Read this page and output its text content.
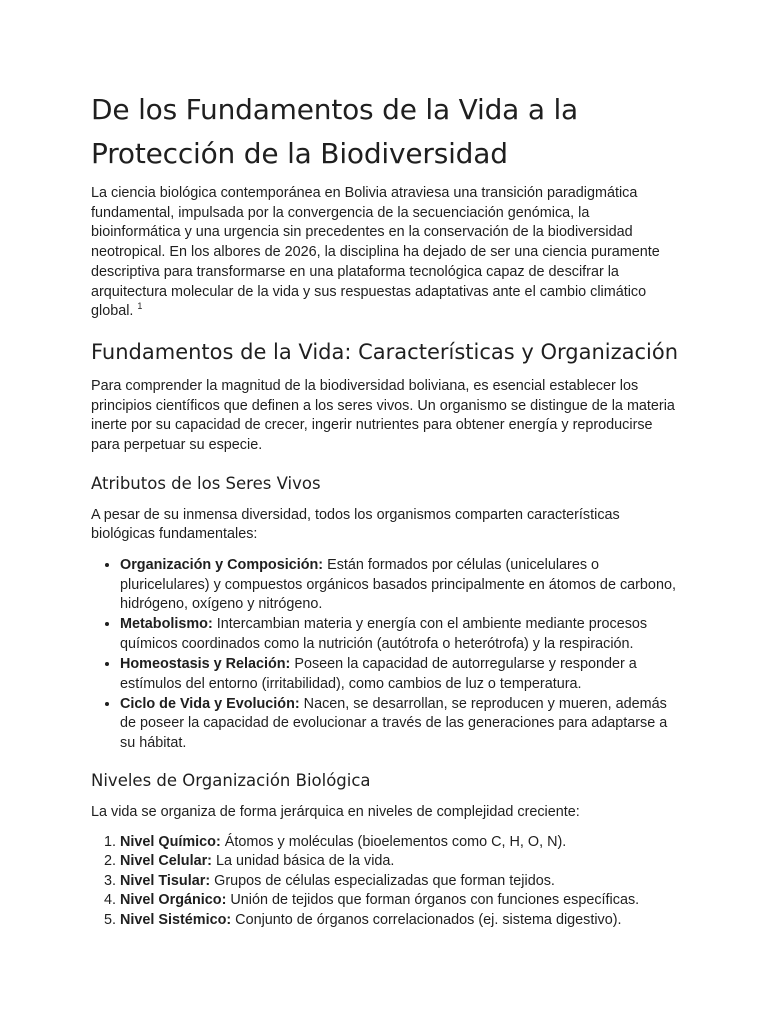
De los Fundamentos de la Vida a la Protección de la Biodiversidad

La ciencia biológica contemporánea en Bolivia atraviesa una transición paradigmática fundamental, impulsada por la convergencia de la secuenciación genómica, la bioinformática y una urgencia sin precedentes en la conservación de la biodiversidad neotropical. En los albores de 2026, la disciplina ha dejado de ser una ciencia puramente descriptiva para transformarse en una plataforma tecnológica capaz de descifrar la arquitectura molecular de la vida y sus respuestas adaptativas ante el cambio climático global. $^1$

Fundamentos de la Vida: Características y Organización

Para comprender la magnitud de la biodiversidad boliviana, es esencial establecer los principios científicos que definen a los seres vivos. Un organismo se distingue de la materia inerte por su capacidad de crecer, ingerir nutrientes para obtener energía y reproducirse para perpetuar su especie.

Atributos de los Seres Vivos

A pesar de su inmensa diversidad, todos los organismos comparten características biológicas fundamentales:

• Organización y Composición: Están formados por células (unicelulares o pluricelulares) y compuestos orgánicos basados principalmente en átomos de carbono, hidrógeno, oxígeno y nitrógeno.
• Metabolismo: Intercambian materia y energía con el ambiente mediante procesos químicos coordinados como la nutrición (autótrofa o heterótrofa) y la respiración.
• Homeostasis y Relación: Poseen la capacidad de autorregularse y responder a estímulos del entorno (irritabilidad), como cambios de luz o temperatura.
• Ciclo de Vida y Evolución: Nacen, se desarrollan, se reproducen y mueren, además de poseer la capacidad de evolucionar a través de las generaciones para adaptarse a su hábitat.
Niveles de Organización Biológica

La vida se organiza de forma jerárquica en niveles de complejidad creciente:

1. Nivel Químico: Átomos y moléculas (bioelementos como C, H, O, N).
2. Nivel Celular: La unidad básica de la vida.
3. Nivel Tisular: Grupos de células especializadas que forman tejidos.
4. Nivel Orgánico: Unión de tejidos que forman órganos con funciones específicas.
5. Nivel Sistémico: Conjunto de órganos correlacionados (ej. sistema digestivo).
